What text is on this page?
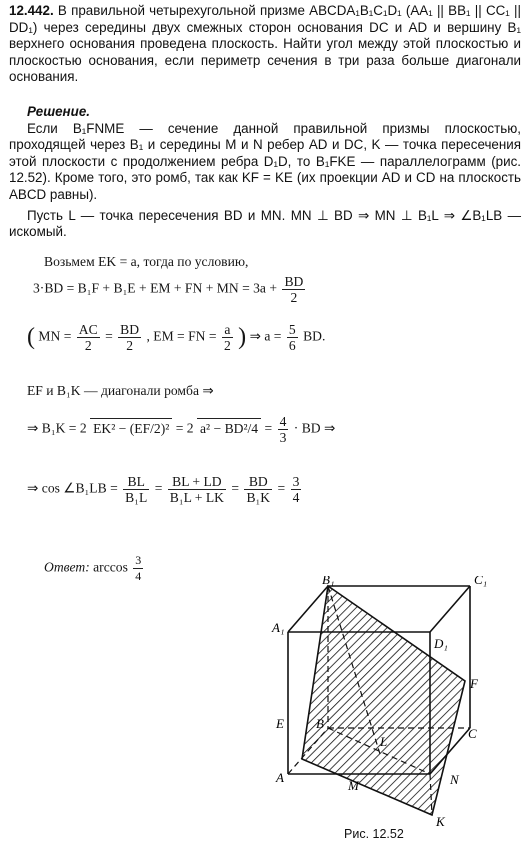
12.442. В правильной четырехугольной призме ABCDA₁B₁C₁D₁ (AA₁ || BB₁ || CC₁ || DD₁) через середины двух смежных сторон основания DC и AD и вершину B₁ верхнего основания проведена плоскость. Найти угол между этой плоскостью и плоскостью основания, если периметр сечения в три раза больше диагонали основания.

Решение.

Если B₁FNME — сечение данной правильной призмы плоскостью, проходящей через B₁ и середины M и N ребер AD и DC, K — точка пересечения этой плоскости с продолжением ребра D₁D, то B₁FKE — параллелограмм (рис. 12.52). Кроме того, это ромб, так как KF = KE (их проекции AD и CD на плоскость ABCD равны).

Пусть L — точка пересечения BD и MN. MN ⊥ BD ⇒ MN ⊥ B₁L ⇒ ∠B₁LB — искомый.

Возьмем EK = a, тогда по условию,
3·BD = B₁F + B₁E + EM + FN + MN = $3a + \frac{BD}{2}$
( MN = $\frac{AC}{2} = \frac{BD}{2}$ , EM = FN = $\frac{a}{2}$ ) ⇒ $a = \frac{5}{6}$ BD.
EF и B₁K — диагонали ромба ⇒
⇒ B₁K = 2 EK² − (EF/2)² = 2 $a^2 - BD^2/4 = \frac{4}{3}$ · BD ⇒
⇒ cos ∠B₁LB = $\frac{BL}{\text{B₁L}} = \frac{BL + LD}{\text{B₁L + LK}} = \frac{BD}{\text{B₁K}} = \frac{3}{4}$
Ответ: $\arccos \frac{3}{4}$	B₁	C₁
A₁
D₁
F
E
C
B
L
A
M	N
K
Рис. 12.52
